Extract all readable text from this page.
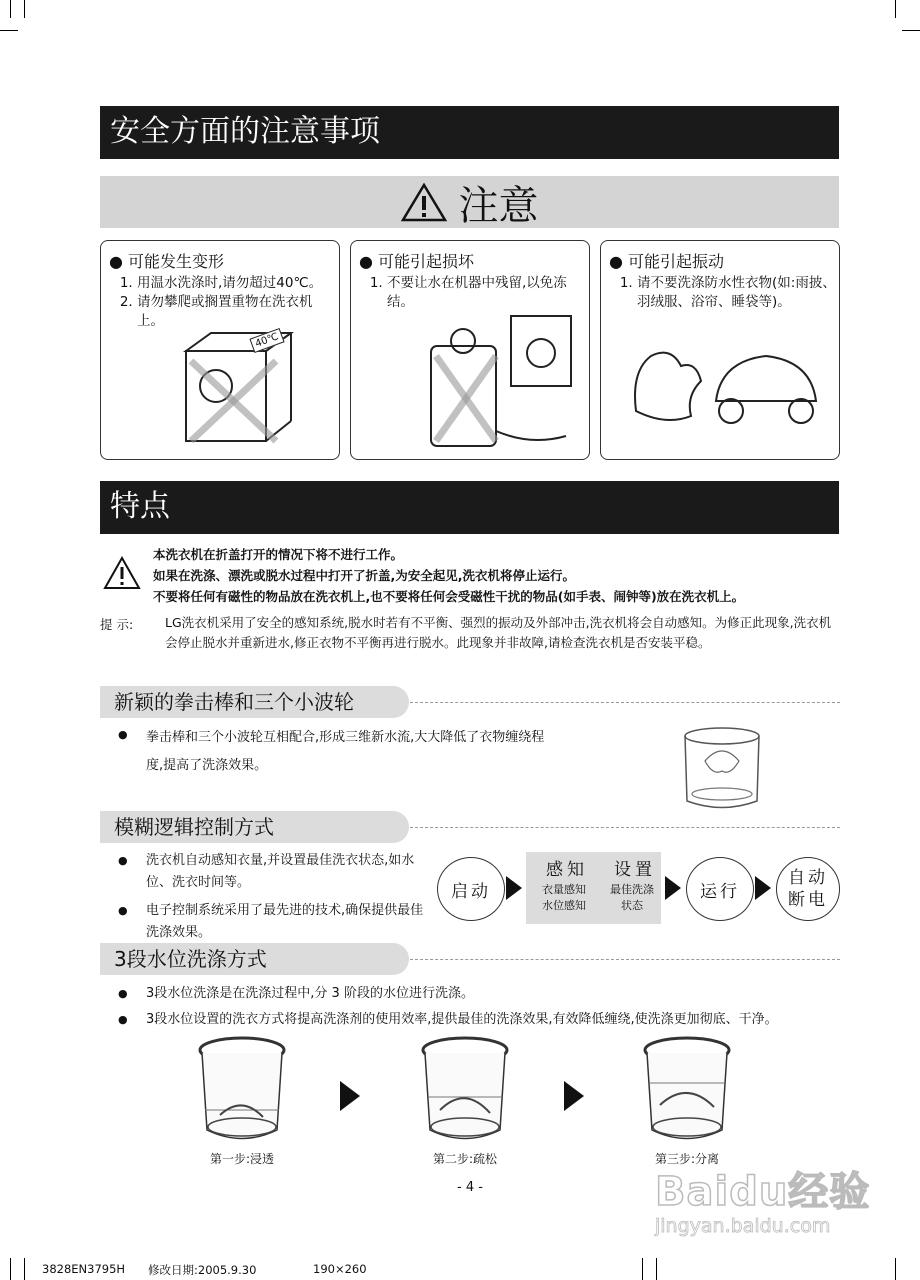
安全方面的注意事项
注意
● 可能发生变形
1. 用温水洗涤时,请勿超过40℃。
2. 请勿攀爬或搁置重物在洗衣机上。
40℃
● 可能引起损坏
1. 不要让水在机器中残留,以免冻结。
● 可能引起振动
1. 请不要洗涤防水性衣物(如:雨披、羽绒服、浴帘、睡袋等)。
特点
本洗衣机在折盖打开的情况下将不进行工作。
如果在洗涤、漂洗或脱水过程中打开了折盖,为安全起见,洗衣机将停止运行。
不要将任何有磁性的物品放在洗衣机上,也不要将任何会受磁性干扰的物品(如手表、闹钟等)放在洗衣机上。
提 示:	LG洗衣机采用了安全的感知系统,脱水时若有不平衡、强烈的振动及外部冲击,洗衣机将会自动感知。为修正此现象,洗衣机会停止脱水并重新进水,修正衣物不平衡再进行脱水。此现象并非故障,请检查洗衣机是否安装平稳。
新颖的拳击棒和三个小波轮
●	拳击棒和三个小波轮互相配合,形成三维新水流,大大降低了衣物缠绕程度,提高了洗涤效果。
模糊逻辑控制方式
●	洗衣机自动感知衣量,并设置最佳洗衣状态,如水位、洗衣时间等。
●	电子控制系统采用了最先进的技术,确保提供最佳洗涤效果。
启动
感知 设置
衣量感知
水位感知
最佳洗涤
状态
运行
自动
断电
3段水位洗涤方式
●	3段水位洗涤是在洗涤过程中,分 3 阶段的水位进行洗涤。
●	3段水位设置的洗衣方式将提高洗涤剂的使用效率,提供最佳的洗涤效果,有效降低缠绕,使洗涤更加彻底、干净。
第一步:浸透	第二步:疏松	第三步:分离
- 4 -	Baidu经验
jingyan.baidu.com
3828EN3795H 修改日期:2005.9.30	190×260
